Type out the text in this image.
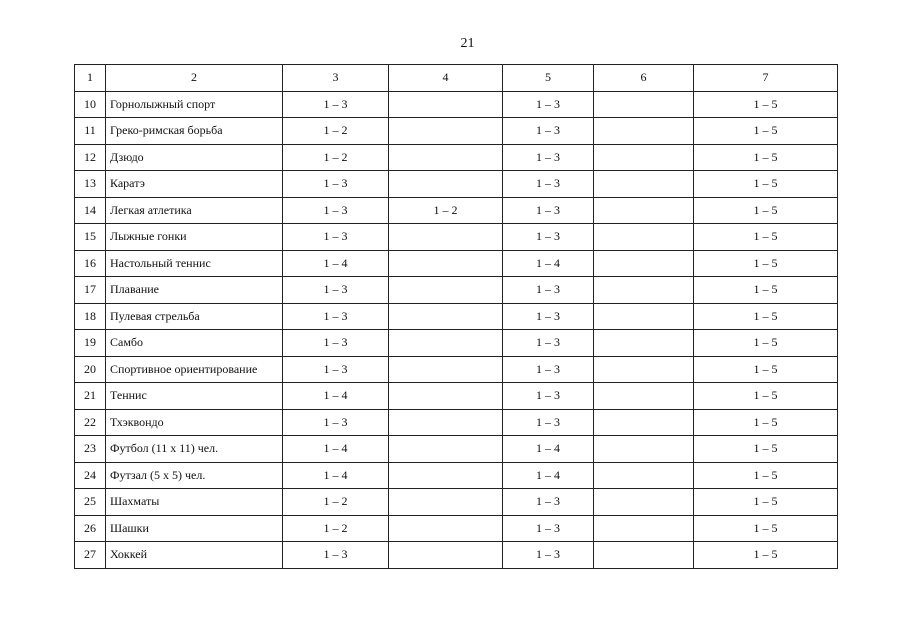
21
1	2	3	4	5	6	7
10	Горнолыжный спорт	1 – 3		1 – 3		1 – 5
11	Греко-римская борьба	1 – 2		1 – 3		1 – 5
12	Дзюдо	1 – 2		1 – 3		1 – 5
13	Каратэ	1 – 3		1 – 3		1 – 5
14	Легкая атлетика	1 – 3	1 – 2	1 – 3		1 – 5
15	Лыжные гонки	1 – 3		1 – 3		1 – 5
16	Настольный теннис	1 – 4		1 – 4		1 – 5
17	Плавание	1 – 3		1 – 3		1 – 5
18	Пулевая стрельба	1 – 3		1 – 3		1 – 5
19	Самбо	1 – 3		1 – 3		1 – 5
20	Спортивное ориентирование	1 – 3		1 – 3		1 – 5
21	Теннис	1 – 4		1 – 3		1 – 5
22	Тхэквондо	1 – 3		1 – 3		1 – 5
23	Футбол (11 х 11) чел.	1 – 4		1 – 4		1 – 5
24	Футзал (5 х 5) чел.	1 – 4		1 – 4		1 – 5
25	Шахматы	1 – 2		1 – 3		1 – 5
26	Шашки	1 – 2		1 – 3		1 – 5
27	Хоккей	1 – 3		1 – 3		1 – 5
